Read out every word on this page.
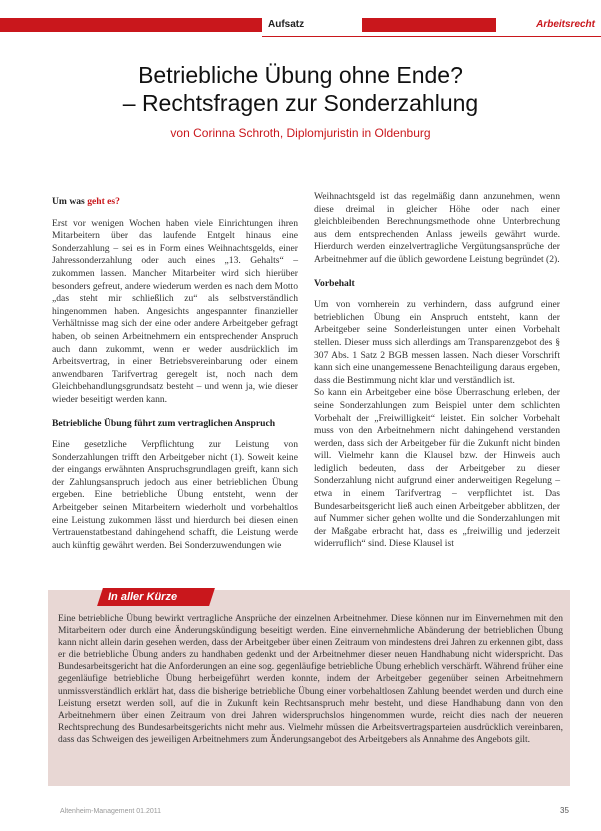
Aufsatz	Arbeitsrecht
Betriebliche Übung ohne Ende?
– Rechtsfragen zur Sonderzahlung
von Corinna Schroth, Diplomjuristin in Oldenburg
Um was geht es?

Erst vor wenigen Wochen haben viele Einrichtungen ihren Mitarbeitern über das laufende Entgelt hinaus eine Sonderzahlung – sei es in Form eines Weihnachtsgelds, einer Jahressonderzahlung oder auch eines „13. Gehalts“ – zukommen lassen. Mancher Mitarbeiter wird sich hierüber besonders gefreut, andere wiederum werden es nach dem Motto „das steht mir schließlich zu“ als selbstverständlich hingenommen haben. Angesichts angespannter finanzieller Verhältnisse mag sich der eine oder andere Arbeitgeber gefragt haben, ob seinen Arbeitnehmern ein entsprechender Anspruch auch dann zukommt, wenn er weder ausdrücklich im Arbeitsvertrag, in einer Betriebsvereinbarung oder einem anwendbaren Tarifvertrag geregelt ist, noch nach dem Gleichbehandlungsgrundsatz besteht – und wenn ja, wie dieser wieder beseitigt werden kann.

Betriebliche Übung führt zum vertraglichen Anspruch

Eine gesetzliche Verpflichtung zur Leistung von Sonderzahlungen trifft den Arbeitgeber nicht (1). Soweit keine der eingangs erwähnten Anspruchsgrundlagen greift, kann sich der Zahlungsanspruch jedoch aus einer betrieblichen Übung ergeben. Eine betriebliche Übung entsteht, wenn der Arbeitgeber seinen Mitarbeitern wiederholt und vorbehaltlos eine Leistung zukommen lässt und hierdurch bei diesen einen Vertrauenstatbestand dahingehend schafft, die Leistung werde auch künftig gewährt werden. Bei Sonderzuwendungen wie

Weihnachtsgeld ist das regelmäßig dann anzunehmen, wenn diese dreimal in gleicher Höhe oder nach einer gleichbleibenden Berechnungsmethode ohne Unterbrechung aus dem entsprechenden Anlass jeweils gewährt wurde. Hierdurch werden einzelvertragliche Vergütungsansprüche der Arbeitnehmer auf die üblich gewordene Leistung begründet (2).

Vorbehalt

Um von vornherein zu verhindern, dass aufgrund einer betrieblichen Übung ein Anspruch entsteht, kann der Arbeitgeber seine Sonderleistungen unter einen Vorbehalt stellen. Dieser muss sich allerdings am Transparenzgebot des § 307 Abs. 1 Satz 2 BGB messen lassen. Nach dieser Vorschrift kann sich eine unangemessene Benachteiligung daraus ergeben, dass die Bestimmung nicht klar und verständlich ist.

So kann ein Arbeitgeber eine böse Überraschung erleben, der seine Sonderzahlungen zum Beispiel unter dem schlichten Vorbehalt der „Freiwilligkeit“ leistet. Ein solcher Vorbehalt muss von den Arbeitnehmern nicht dahingehend verstanden werden, dass sich der Arbeitgeber für die Zukunft nicht binden will. Vielmehr kann die Klausel bzw. der Hinweis auch lediglich bedeuten, dass der Arbeitgeber zu dieser Sonderzahlung nicht aufgrund einer anderweitigen Regelung – etwa in einem Tarifvertrag – verpflichtet ist. Das Bundesarbeitsgericht ließ auch einen Arbeitgeber abblitzen, der auf Nummer sicher gehen wollte und die Sonderzahlungen mit der Maßgabe erbracht hat, dass es „freiwillig und jederzeit widerruflich“ sind. Diese Klausel ist

In aller Kürze
Eine betriebliche Übung bewirkt vertragliche Ansprüche der einzelnen Arbeitnehmer. Diese können nur im Einvernehmen mit den Mitarbeitern oder durch eine Änderungskündigung beseitigt werden. Eine einvernehmliche Abänderung der betrieblichen Übung kann nicht allein darin gesehen werden, dass der Arbeitgeber über einen Zeitraum von mindestens drei Jahren zu erkennen gibt, dass er die betriebliche Übung anders zu handhaben gedenkt und der Arbeitnehmer dieser neuen Handhabung nicht widerspricht. Das Bundesarbeitsgericht hat die Anforderungen an eine sog. gegenläufige betriebliche Übung erheblich verschärft. Während früher eine gegenläufige betriebliche Übung herbeigeführt werden konnte, indem der Arbeitgeber gegenüber seinen Arbeitnehmern unmissverständlich erklärt hat, dass die bisherige betriebliche Übung einer vorbehaltlosen Zahlung beendet werden und durch eine Leistung ersetzt werden soll, auf die in Zukunft kein Rechtsanspruch mehr besteht, und diese Handhabung dann von den Arbeitnehmern über einen Zeitraum von drei Jahren widerspruchslos hingenommen wurde, reicht dies nach der neueren Rechtsprechung des Bundesarbeitsgerichts nicht mehr aus. Vielmehr müssen die Arbeitsvertragsparteien ausdrücklich vereinbaren, dass das Schweigen des jeweiligen Arbeitnehmers zum Änderungsangebot des Arbeitgebers als Annahme des Angebots gilt.
Altenheim-Management 01.2011	35
